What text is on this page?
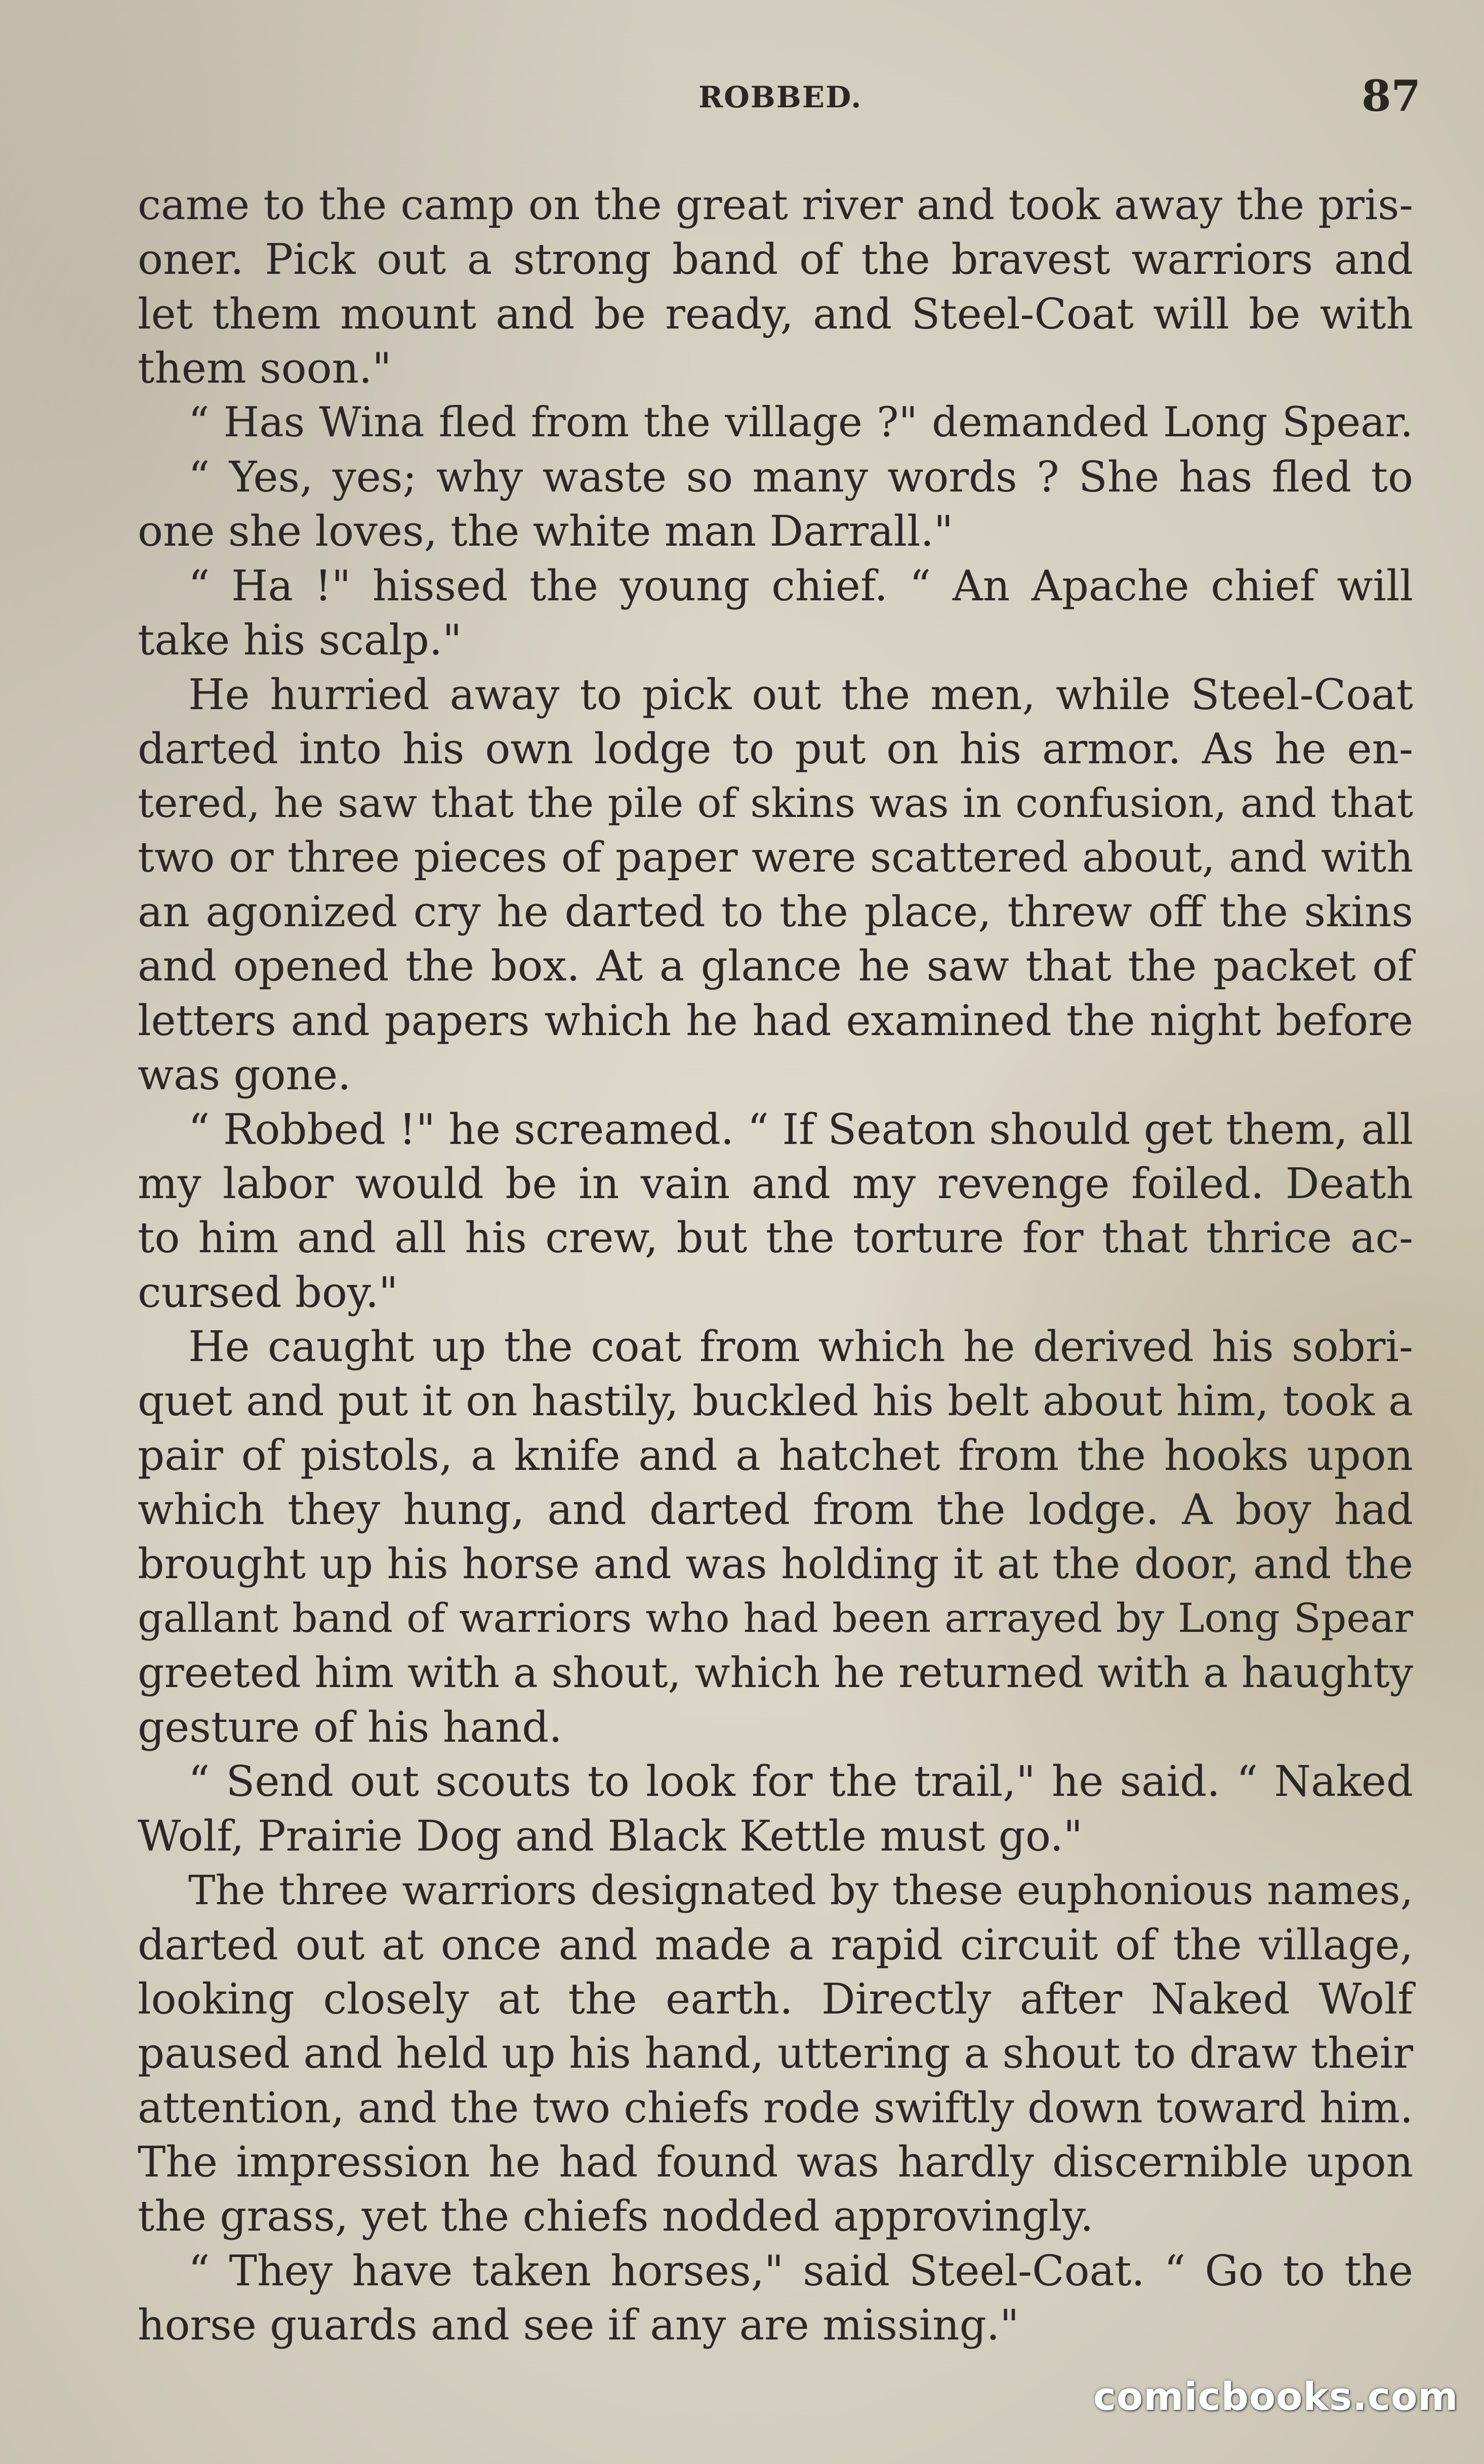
ROBBED.	87
came to the camp on the great river and took away the pris-
oner. Pick out a strong band of the bravest warriors and
let them mount and be ready, and Steel-Coat will be with
them soon."
“ Has Wina fled from the village ?" demanded Long Spear.
“ Yes, yes; why waste so many words ? She has fled to
one she loves, the white man Darrall."
“ Ha !" hissed the young chief. “ An Apache chief will
take his scalp."
He hurried away to pick out the men, while Steel-Coat
darted into his own lodge to put on his armor. As he en-
tered, he saw that the pile of skins was in confusion, and that
two or three pieces of paper were scattered about, and with
an agonized cry he darted to the place, threw off the skins
and opened the box. At a glance he saw that the packet of
letters and papers which he had examined the night before
was gone.
“ Robbed !" he screamed. “ If Seaton should get them, all
my labor would be in vain and my revenge foiled. Death
to him and all his crew, but the torture for that thrice ac-
cursed boy."
He caught up the coat from which he derived his sobri-
quet and put it on hastily, buckled his belt about him, took a
pair of pistols, a knife and a hatchet from the hooks upon
which they hung, and darted from the lodge. A boy had
brought up his horse and was holding it at the door, and the
gallant band of warriors who had been arrayed by Long Spear
greeted him with a shout, which he returned with a haughty
gesture of his hand.
“ Send out scouts to look for the trail," he said. “ Naked
Wolf, Prairie Dog and Black Kettle must go."
The three warriors designated by these euphonious names,
darted out at once and made a rapid circuit of the village,
looking closely at the earth. Directly after Naked Wolf
paused and held up his hand, uttering a shout to draw their
attention, and the two chiefs rode swiftly down toward him.
The impression he had found was hardly discernible upon
the grass, yet the chiefs nodded approvingly.
“ They have taken horses," said Steel-Coat. “ Go to the
horse guards and see if any are missing."
comicbooks.com
